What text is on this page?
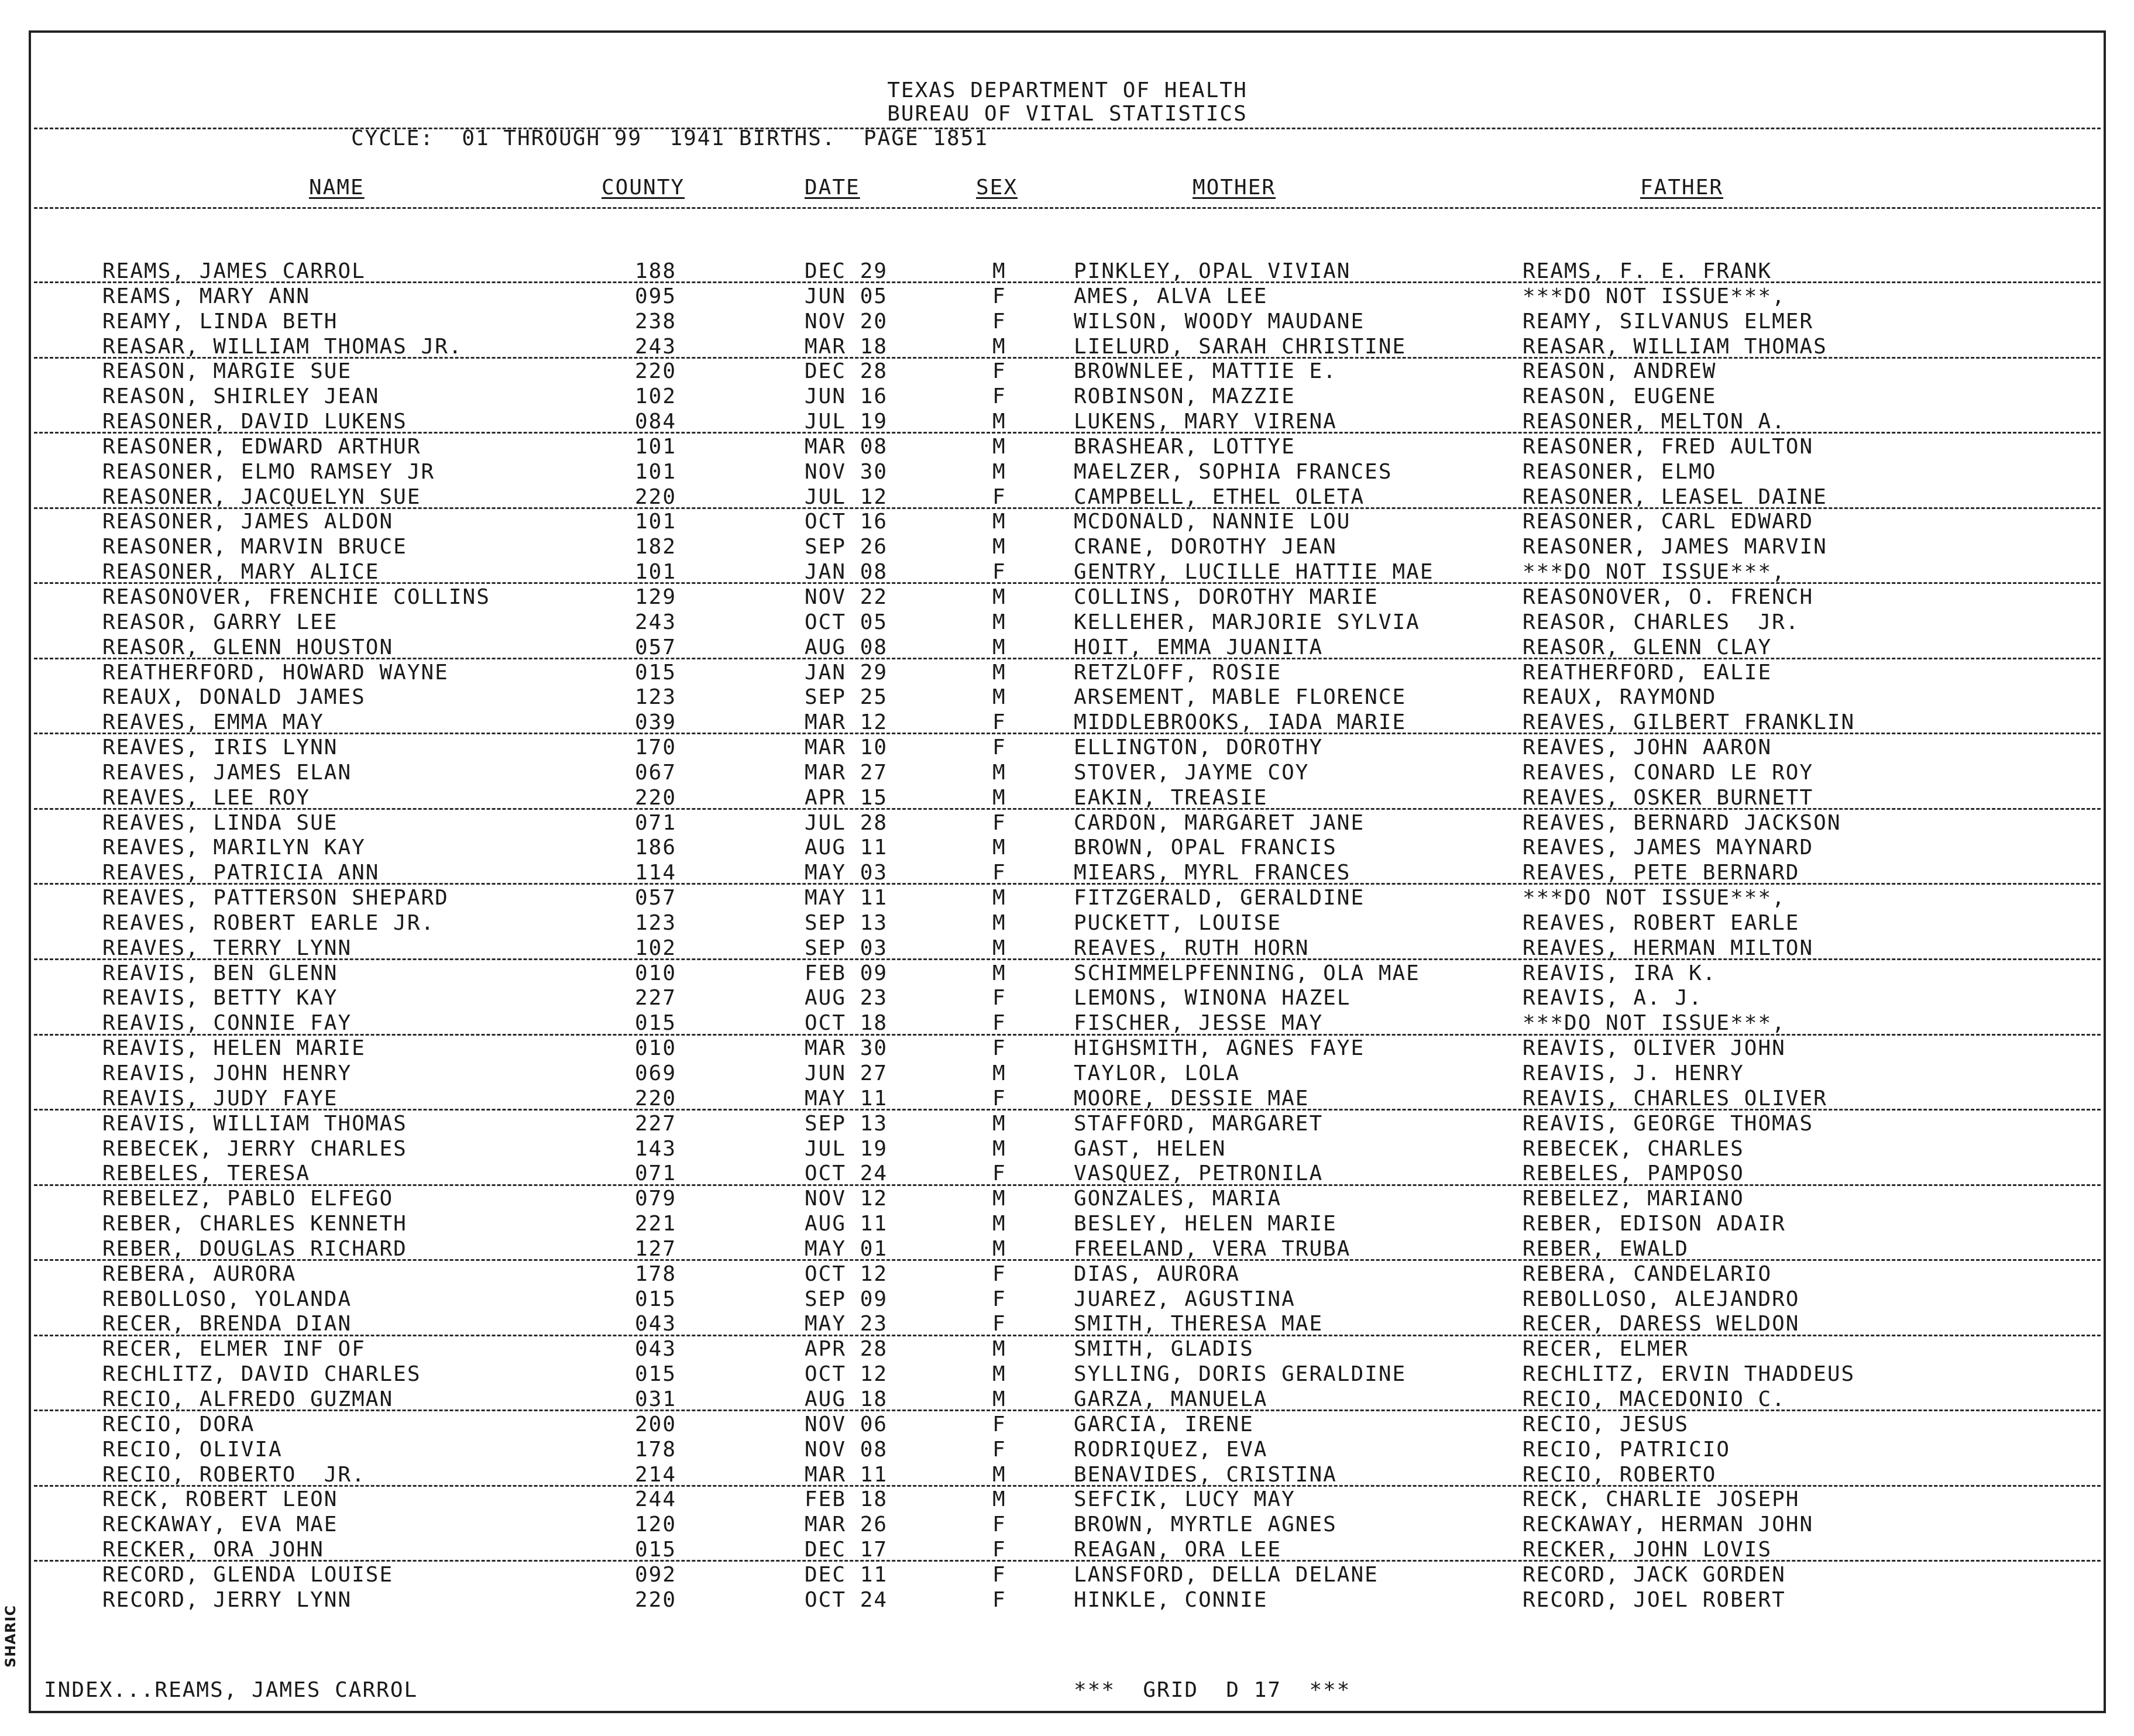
SHARIC
TEXAS DEPARTMENT OF HEALTH
BUREAU OF VITAL STATISTICS
CYCLE:  01 THROUGH 99  1941 BIRTHS.  PAGE 1851
NAME	COUNTY	DATE	SEX	MOTHER	FATHER
REAMS, JAMES CARROL	188	DEC 29	M	PINKLEY, OPAL VIVIAN	REAMS, F. E. FRANK
REAMS, MARY ANN	095	JUN 05	F	AMES, ALVA LEE	***DO NOT ISSUE***,
REAMY, LINDA BETH	238	NOV 20	F	WILSON, WOODY MAUDANE	REAMY, SILVANUS ELMER
REASAR, WILLIAM THOMAS JR.	243	MAR 18	M	LIELURD, SARAH CHRISTINE	REASAR, WILLIAM THOMAS
REASON, MARGIE SUE	220	DEC 28	F	BROWNLEE, MATTIE E.	REASON, ANDREW
REASON, SHIRLEY JEAN	102	JUN 16	F	ROBINSON, MAZZIE	REASON, EUGENE
REASONER, DAVID LUKENS	084	JUL 19	M	LUKENS, MARY VIRENA	REASONER, MELTON A.
REASONER, EDWARD ARTHUR	101	MAR 08	M	BRASHEAR, LOTTYE	REASONER, FRED AULTON
REASONER, ELMO RAMSEY JR	101	NOV 30	M	MAELZER, SOPHIA FRANCES	REASONER, ELMO
REASONER, JACQUELYN SUE	220	JUL 12	F	CAMPBELL, ETHEL OLETA	REASONER, LEASEL DAINE
REASONER, JAMES ALDON	101	OCT 16	M	MCDONALD, NANNIE LOU	REASONER, CARL EDWARD
REASONER, MARVIN BRUCE	182	SEP 26	M	CRANE, DOROTHY JEAN	REASONER, JAMES MARVIN
REASONER, MARY ALICE	101	JAN 08	F	GENTRY, LUCILLE HATTIE MAE	***DO NOT ISSUE***,
REASONOVER, FRENCHIE COLLINS	129	NOV 22	M	COLLINS, DOROTHY MARIE	REASONOVER, O. FRENCH
REASOR, GARRY LEE	243	OCT 05	M	KELLEHER, MARJORIE SYLVIA	REASOR, CHARLES  JR.
REASOR, GLENN HOUSTON	057	AUG 08	M	HOIT, EMMA JUANITA	REASOR, GLENN CLAY
REATHERFORD, HOWARD WAYNE	015	JAN 29	M	RETZLOFF, ROSIE	REATHERFORD, EALIE
REAUX, DONALD JAMES	123	SEP 25	M	ARSEMENT, MABLE FLORENCE	REAUX, RAYMOND
REAVES, EMMA MAY	039	MAR 12	F	MIDDLEBROOKS, IADA MARIE	REAVES, GILBERT FRANKLIN
REAVES, IRIS LYNN	170	MAR 10	F	ELLINGTON, DOROTHY	REAVES, JOHN AARON
REAVES, JAMES ELAN	067	MAR 27	M	STOVER, JAYME COY	REAVES, CONARD LE ROY
REAVES, LEE ROY	220	APR 15	M	EAKIN, TREASIE	REAVES, OSKER BURNETT
REAVES, LINDA SUE	071	JUL 28	F	CARDON, MARGARET JANE	REAVES, BERNARD JACKSON
REAVES, MARILYN KAY	186	AUG 11	M	BROWN, OPAL FRANCIS	REAVES, JAMES MAYNARD
REAVES, PATRICIA ANN	114	MAY 03	F	MIEARS, MYRL FRANCES	REAVES, PETE BERNARD
REAVES, PATTERSON SHEPARD	057	MAY 11	M	FITZGERALD, GERALDINE	***DO NOT ISSUE***,
REAVES, ROBERT EARLE JR.	123	SEP 13	M	PUCKETT, LOUISE	REAVES, ROBERT EARLE
REAVES, TERRY LYNN	102	SEP 03	M	REAVES, RUTH HORN	REAVES, HERMAN MILTON
REAVIS, BEN GLENN	010	FEB 09	M	SCHIMMELPFENNING, OLA MAE	REAVIS, IRA K.
REAVIS, BETTY KAY	227	AUG 23	F	LEMONS, WINONA HAZEL	REAVIS, A. J.
REAVIS, CONNIE FAY	015	OCT 18	F	FISCHER, JESSE MAY	***DO NOT ISSUE***,
REAVIS, HELEN MARIE	010	MAR 30	F	HIGHSMITH, AGNES FAYE	REAVIS, OLIVER JOHN
REAVIS, JOHN HENRY	069	JUN 27	M	TAYLOR, LOLA	REAVIS, J. HENRY
REAVIS, JUDY FAYE	220	MAY 11	F	MOORE, DESSIE MAE	REAVIS, CHARLES OLIVER
REAVIS, WILLIAM THOMAS	227	SEP 13	M	STAFFORD, MARGARET	REAVIS, GEORGE THOMAS
REBECEK, JERRY CHARLES	143	JUL 19	M	GAST, HELEN	REBECEK, CHARLES
REBELES, TERESA	071	OCT 24	F	VASQUEZ, PETRONILA	REBELES, PAMPOSO
REBELEZ, PABLO ELFEGO	079	NOV 12	M	GONZALES, MARIA	REBELEZ, MARIANO
REBER, CHARLES KENNETH	221	AUG 11	M	BESLEY, HELEN MARIE	REBER, EDISON ADAIR
REBER, DOUGLAS RICHARD	127	MAY 01	M	FREELAND, VERA TRUBA	REBER, EWALD
REBERA, AURORA	178	OCT 12	F	DIAS, AURORA	REBERA, CANDELARIO
REBOLLOSO, YOLANDA	015	SEP 09	F	JUAREZ, AGUSTINA	REBOLLOSO, ALEJANDRO
RECER, BRENDA DIAN	043	MAY 23	F	SMITH, THERESA MAE	RECER, DARESS WELDON
RECER, ELMER INF OF	043	APR 28	M	SMITH, GLADIS	RECER, ELMER
RECHLITZ, DAVID CHARLES	015	OCT 12	M	SYLLING, DORIS GERALDINE	RECHLITZ, ERVIN THADDEUS
RECIO, ALFREDO GUZMAN	031	AUG 18	M	GARZA, MANUELA	RECIO, MACEDONIO C.
RECIO, DORA	200	NOV 06	F	GARCIA, IRENE	RECIO, JESUS
RECIO, OLIVIA	178	NOV 08	F	RODRIQUEZ, EVA	RECIO, PATRICIO
RECIO, ROBERTO  JR.	214	MAR 11	M	BENAVIDES, CRISTINA	RECIO, ROBERTO
RECK, ROBERT LEON	244	FEB 18	M	SEFCIK, LUCY MAY	RECK, CHARLIE JOSEPH
RECKAWAY, EVA MAE	120	MAR 26	F	BROWN, MYRTLE AGNES	RECKAWAY, HERMAN JOHN
RECKER, ORA JOHN	015	DEC 17	F	REAGAN, ORA LEE	RECKER, JOHN LOVIS
RECORD, GLENDA LOUISE	092	DEC 11	F	LANSFORD, DELLA DELANE	RECORD, JACK GORDEN
RECORD, JERRY LYNN	220	OCT 24	F	HINKLE, CONNIE	RECORD, JOEL ROBERT
INDEX...REAMS, JAMES CARROL	***  GRID  D 17  ***
